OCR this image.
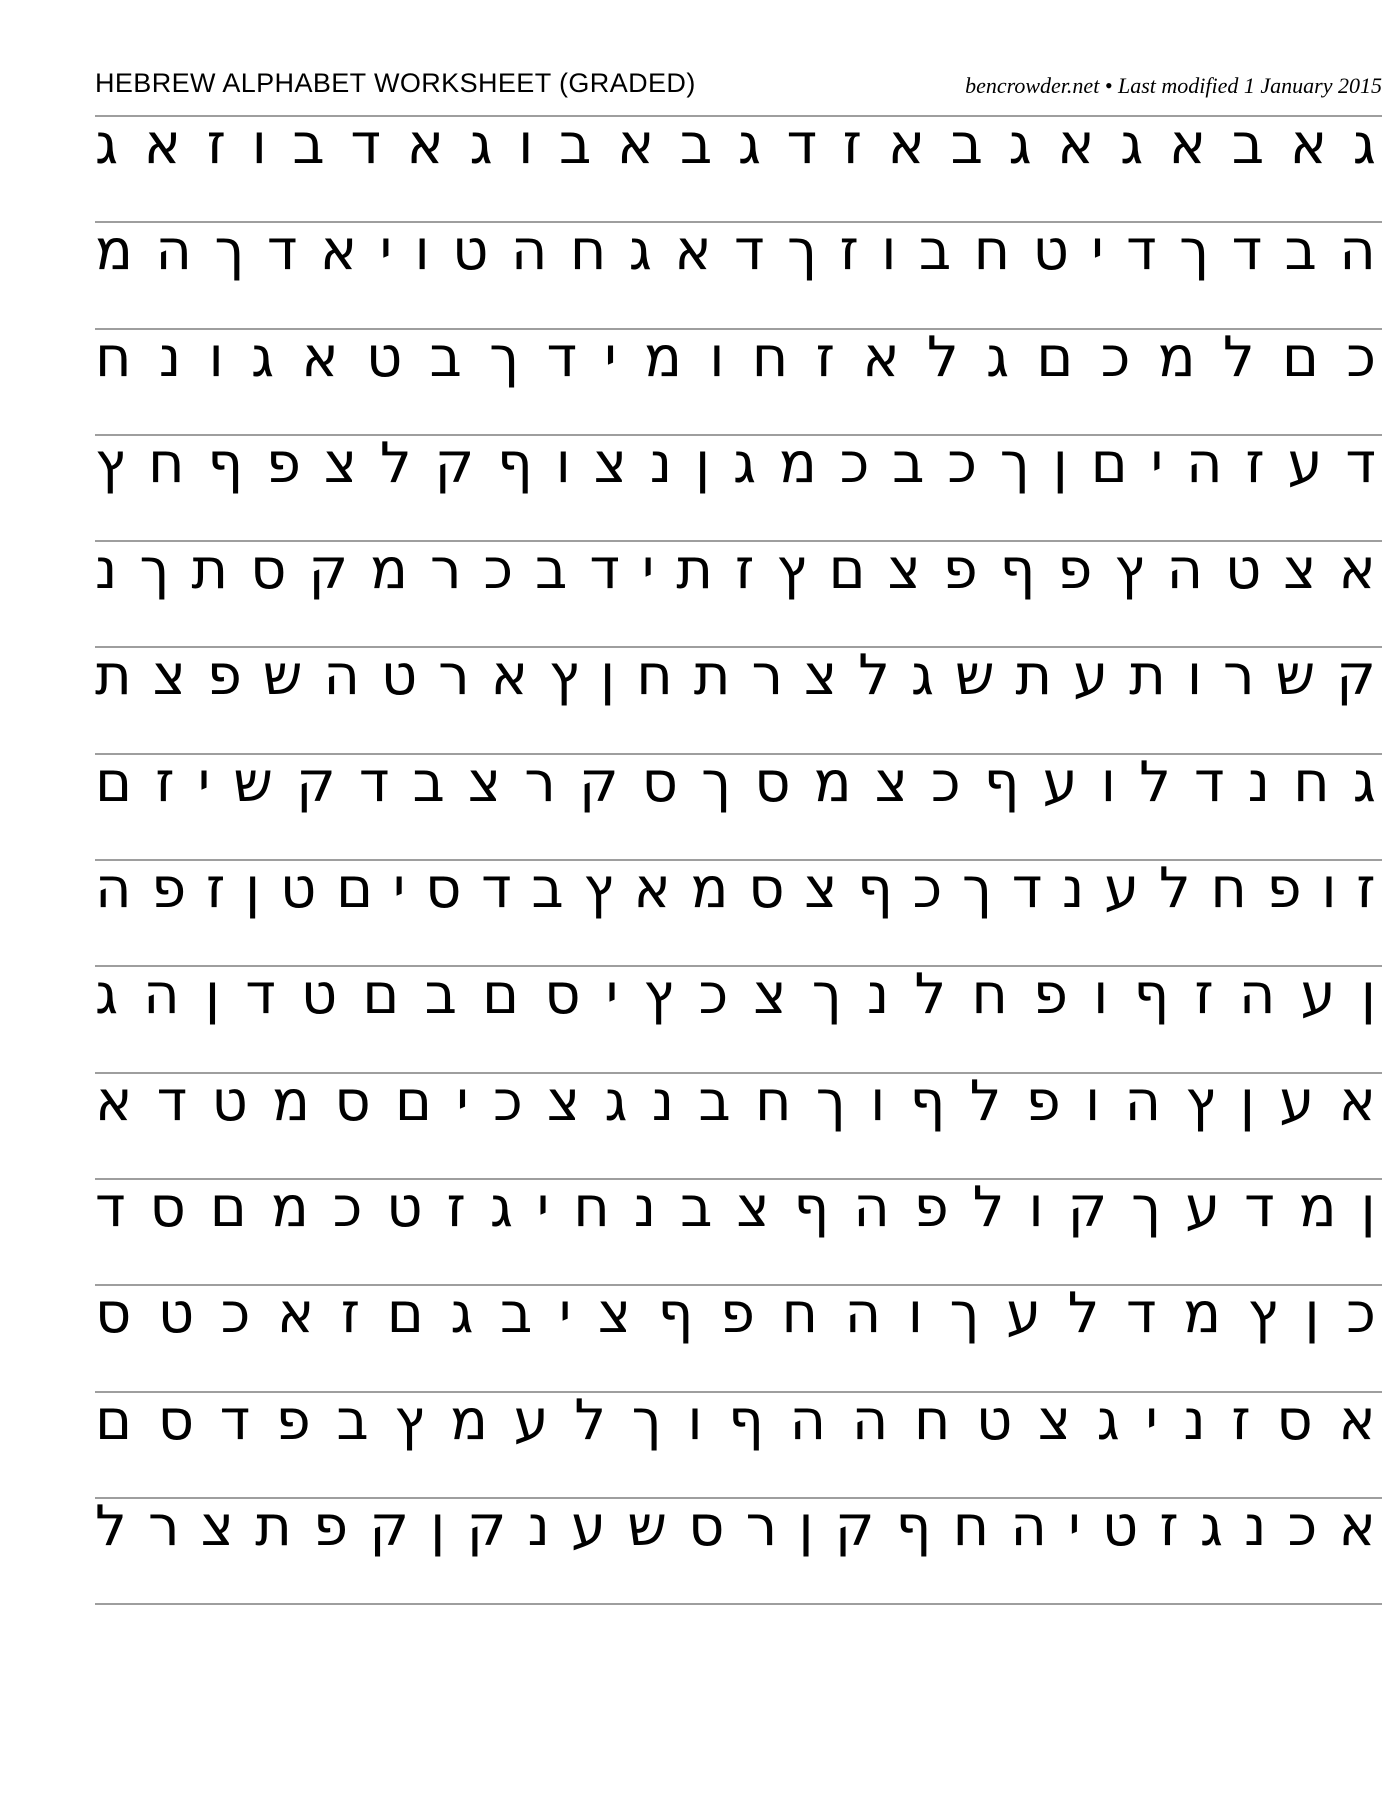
HEBREW ALPHABET WORKSHEET (GRADED)	bencrowder.net • Last modified 1 January 2015
ג א ז ו ב ד א ג ו ב א ב ג ד ז א ב ג א ג א ב א ג
מ ה ך ד א י ו ט ה ח ג א ד ך ז ו ב ח ט י ד ך ד ב ה
ח נ ו ג א ט ב ך ד י מ ו ח ז א ל ג ם כ מ ל ם כ
ץ ח ף פ צ ל ק ף ו צ נ ן ג מ כ ב כ ך ן ם י ה ז ע ד
נ ך ת ס ק מ ר כ ב ד י ת ז ץ ם צ פ ף פ ץ ה ט צ א
ת צ פ ש ה ט ר א ץ ן ח ת ר צ ל ג ש ת ע ת ו ר ש ק
ם ז י ש ק ד ב צ ר ק ס ך ס מ צ כ ף ע ו ל ד נ ח ג
ה פ ז ן ט ם י ס ד ב ץ א מ ס צ ף כ ך ד נ ע ל ח פ ו ז
ג ה ן ד ט ם ב ם ס י ץ כ צ ך נ ל ח פ ו ף ז ה ע ן
א ד ט מ ס ם י כ צ ג נ ב ח ך ו ף ל פ ו ה ץ ן ע א
ד ס ם מ כ ט ז ג י ח נ ב צ ף ה פ ל ו ק ך ע ד מ ן
ס ט כ א ז ם ג ב י צ ף פ ח ה ו ך ע ל ד מ ץ ן כ
ם ס ד פ ב ץ מ ע ל ך ו ף ה ה ח ט צ ג י נ ז ס א
ל ר צ ת פ ק ן ק נ ע ש ס ר ן ק ף ח ה י ט ז ג נ כ א
